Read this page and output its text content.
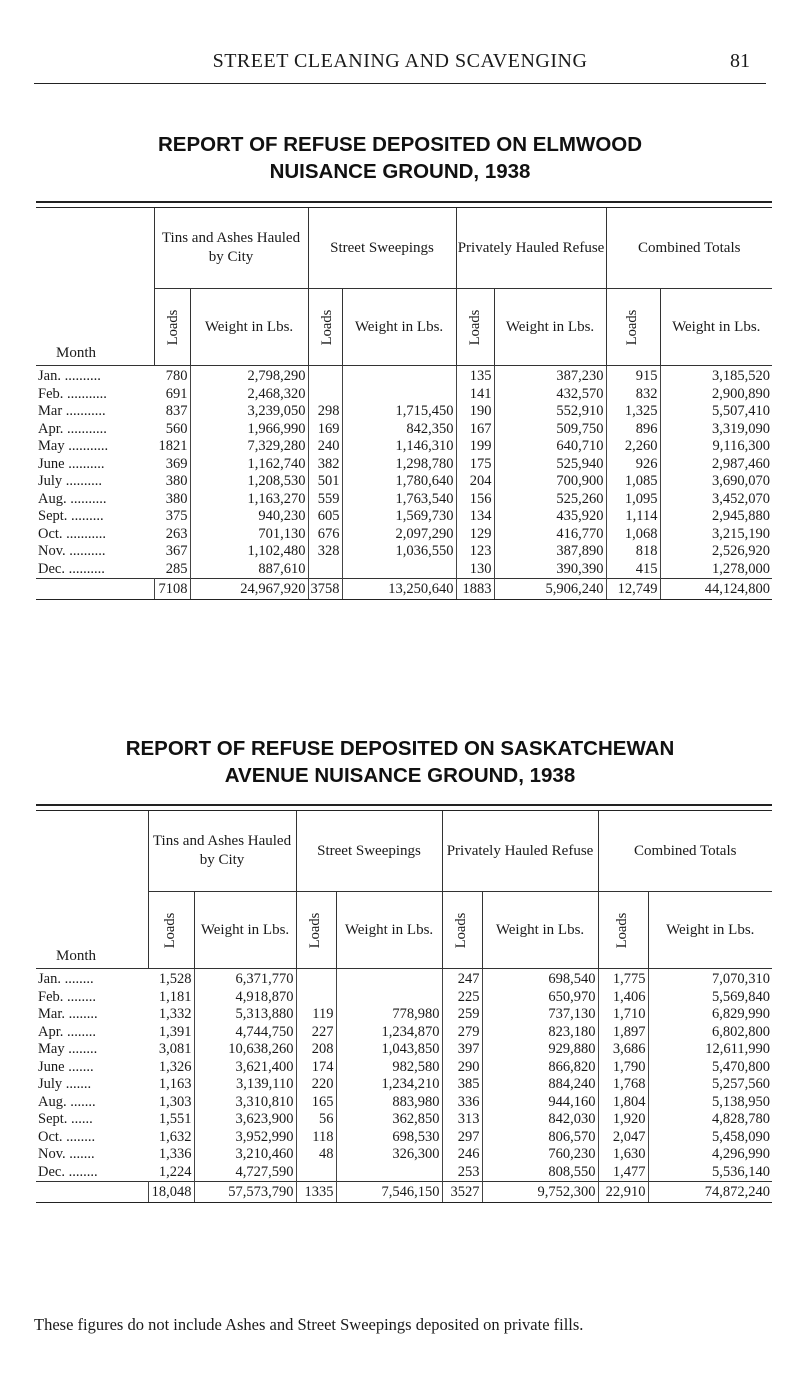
STREET CLEANING AND SCAVENGING	81
REPORT OF REFUSE DEPOSITED ON ELMWOOD
NUISANCE GROUND, 1938

Month	Tins and Ashes Hauled by City		Street Sweepings		Privately Hauled Refuse		Combined Totals	
	Loads	Weight in Lbs.	Loads	Weight in Lbs.	Loads	Weight in Lbs.	Loads	Weight in Lbs.

Jan. ..........	780	2,798,290			135	387,230	915	3,185,520
Feb. ...........	691	2,468,320			141	432,570	832	2,900,890
Mar ...........	837	3,239,050	298	1,715,450	190	552,910	1,325	5,507,410
Apr. ...........	560	1,966,990	169	842,350	167	509,750	896	3,319,090
May ...........	1821	7,329,280	240	1,146,310	199	640,710	2,260	9,116,300
June ..........	369	1,162,740	382	1,298,780	175	525,940	926	2,987,460
July ..........	380	1,208,530	501	1,780,640	204	700,900	1,085	3,690,070
Aug. ..........	380	1,163,270	559	1,763,540	156	525,260	1,095	3,452,070
Sept. .........	375	940,230	605	1,569,730	134	435,920	1,114	2,945,880
Oct. ...........	263	701,130	676	2,097,290	129	416,770	1,068	3,215,190
Nov. ..........	367	1,102,480	328	1,036,550	123	387,890	818	2,526,920
Dec. ..........	285	887,610			130	390,390	415	1,278,000
	7108	24,967,920	3758	13,250,640	1883	5,906,240	12,749	44,124,800
REPORT OF REFUSE DEPOSITED ON SASKATCHEWAN
AVENUE NUISANCE GROUND, 1938

Month	Tins and Ashes Hauled by City		Street Sweepings		Privately Hauled Refuse		Combined Totals	
	Loads	Weight in Lbs.	Loads	Weight in Lbs.	Loads	Weight in Lbs.	Loads	Weight in Lbs.

Jan. ........	1,528	6,371,770			247	698,540	1,775	7,070,310
Feb. ........	1,181	4,918,870			225	650,970	1,406	5,569,840
Mar. ........	1,332	5,313,880	119	778,980	259	737,130	1,710	6,829,990
Apr. ........	1,391	4,744,750	227	1,234,870	279	823,180	1,897	6,802,800
May ........	3,081	10,638,260	208	1,043,850	397	929,880	3,686	12,611,990
June .......	1,326	3,621,400	174	982,580	290	866,820	1,790	5,470,800
July .......	1,163	3,139,110	220	1,234,210	385	884,240	1,768	5,257,560
Aug. .......	1,303	3,310,810	165	883,980	336	944,160	1,804	5,138,950
Sept. ......	1,551	3,623,900	56	362,850	313	842,030	1,920	4,828,780
Oct. ........	1,632	3,952,990	118	698,530	297	806,570	2,047	5,458,090
Nov. .......	1,336	3,210,460	48	326,300	246	760,230	1,630	4,296,990
Dec. ........	1,224	4,727,590			253	808,550	1,477	5,536,140
	18,048	57,573,790	1335	7,546,150	3527	9,752,300	22,910	74,872,240
These figures do not include Ashes and Street Sweepings deposited on private fills.
